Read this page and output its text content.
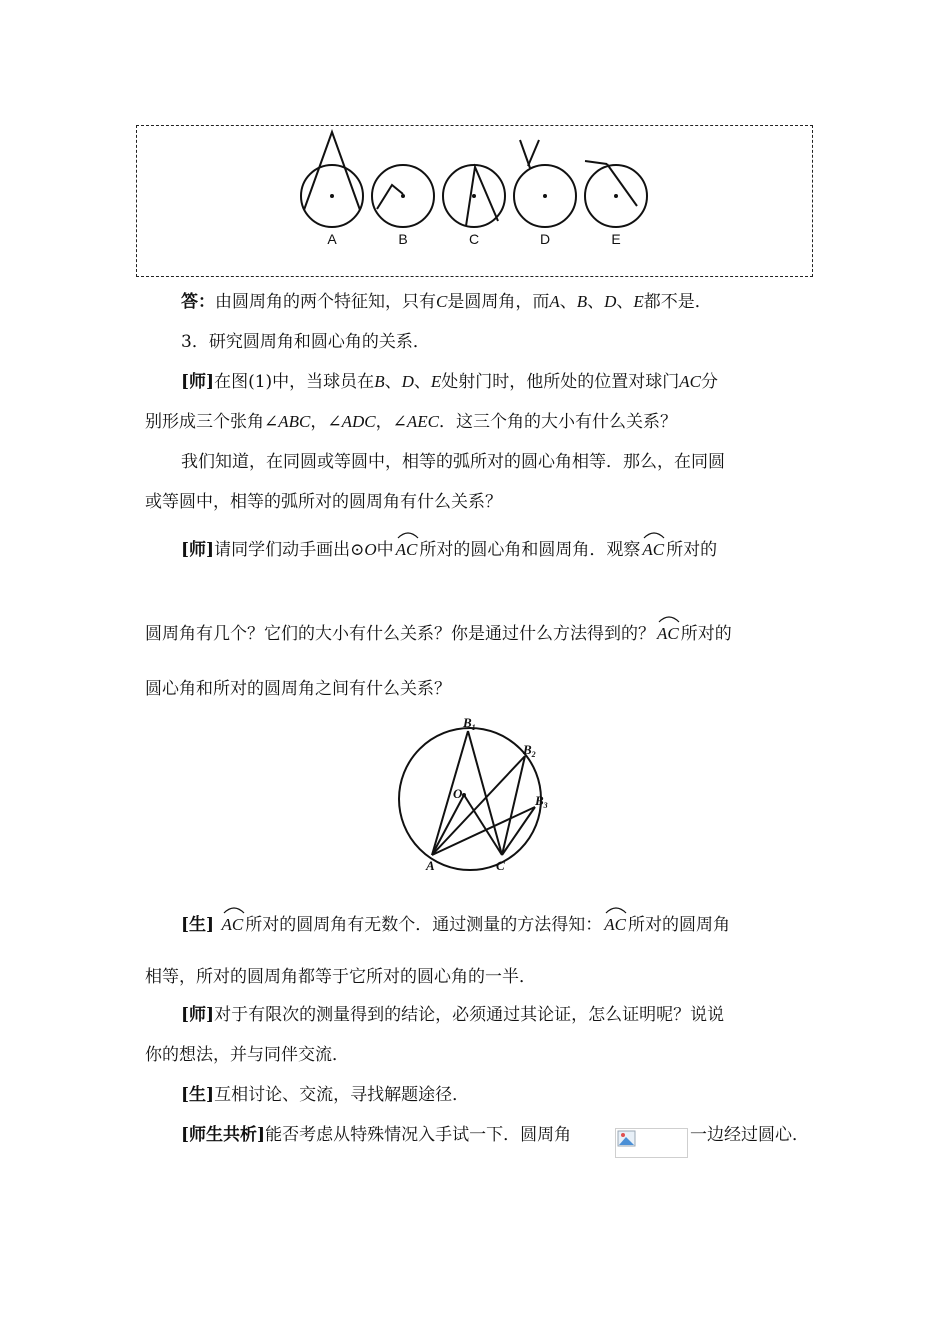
A	B	C	D	E
答：由圆周角的两个特征知，只有C是圆周角，而A、B、D、E都不是．
3．研究圆周角和圆心角的关系．
[师]在图(1)中，当球员在B、D、E处射门时，他所处的位置对球门AC分
别形成三个张角∠ABC，∠ADC，∠AEC．这三个角的大小有什么关系？
我们知道，在同圆或等圆中，相等的弧所对的圆心角相等．那么，在同圆
或等圆中，相等的弧所对的圆周角有什么关系？
[师]请同学们动手画出⊙O中 AC 所对的圆心角和圆周角．观察 AC 所对的
圆周角有几个？它们的大小有什么关系？你是通过什么方法得到的？ AC 所对的
圆心角和所对的圆周角之间有什么关系？
$B_1$
$B_2$
$B_3$
O
A	C
[生] AC 所对的圆周角有无数个．通过测量的方法得知： AC 所对的圆周角
相等，所对的圆周角都等于它所对的圆心角的一半．
[师]对于有限次的测量得到的结论，必须通过其论证，怎么证明呢？说说
你的想法，并与同伴交流．
[生]互相讨论、交流，寻找解题途径．
[师生共析]能否考虑从特殊情况入手试一下．圆周角	一边经过圆心．
